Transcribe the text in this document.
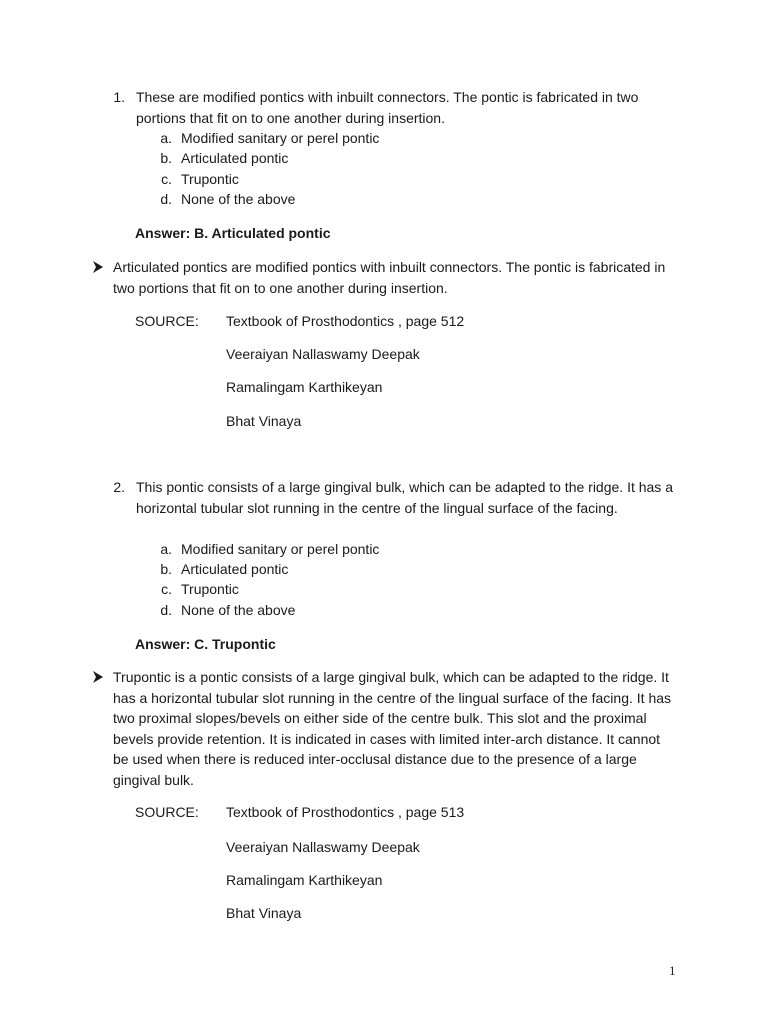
1. These are modified pontics with inbuilt connectors. The pontic is fabricated in two portions that fit on to one another during insertion.
a. Modified sanitary or perel pontic
b. Articulated pontic
c. Trupontic
d. None of the above
Answer: B. Articulated pontic
Articulated pontics are modified pontics with inbuilt connectors. The pontic is fabricated in two portions that fit on to one another during insertion.
SOURCE: Textbook of Prosthodontics , page 512
Veeraiyan Nallaswamy Deepak
Ramalingam Karthikeyan
Bhat Vinaya
2. This pontic consists of a large gingival bulk, which can be adapted to the ridge. It has a horizontal tubular slot running in the centre of the lingual surface of the facing.
a. Modified sanitary or perel pontic
b. Articulated pontic
c. Trupontic
d. None of the above
Answer: C. Trupontic
Trupontic is a pontic consists of a large gingival bulk, which can be adapted to the ridge. It has a horizontal tubular slot running in the centre of the lingual surface of the facing. It has two proximal slopes/bevels on either side of the centre bulk. This slot and the proximal bevels provide retention. It is indicated in cases with limited inter-arch distance. It cannot be used when there is reduced inter-occlusal distance due to the presence of a large gingival bulk.
SOURCE: Textbook of Prosthodontics , page 513
Veeraiyan Nallaswamy Deepak
Ramalingam Karthikeyan
Bhat Vinaya
1
